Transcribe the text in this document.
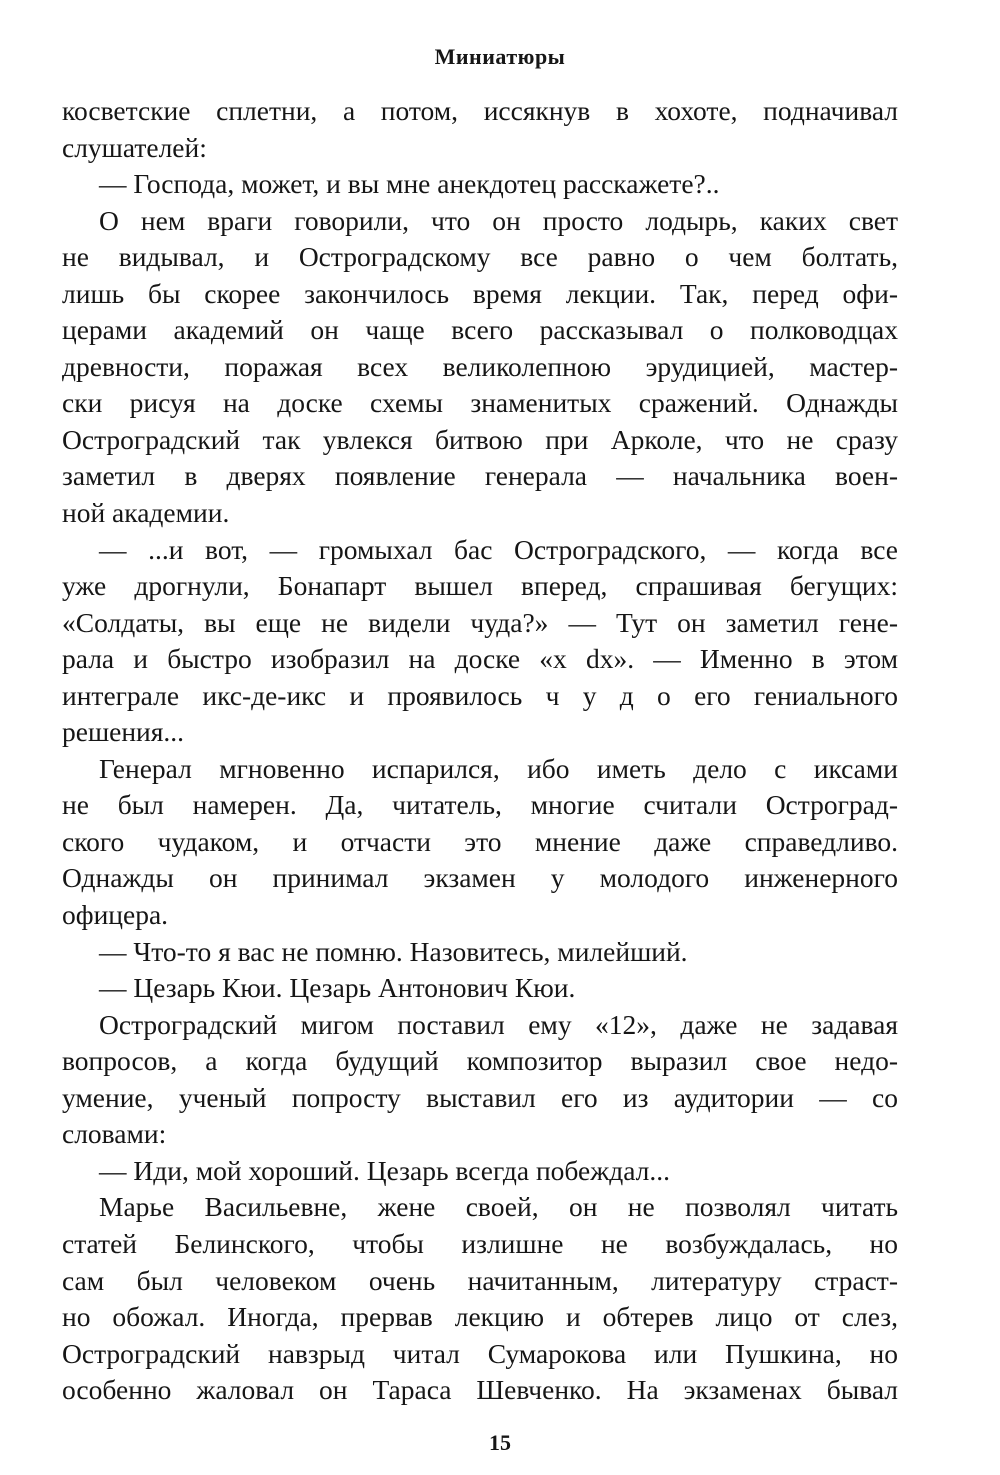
Миниатюры
косветские сплетни, а потом, иссякнув в хохоте, подначивал
слушателей:
— Господа, может, и вы мне анекдотец расскажете?..
О нем враги говорили, что он просто лодырь, каких свет
не видывал, и Остроградскому все равно о чем болтать,
лишь бы скорее закончилось время лекции. Так, перед офи-
церами академий он чаще всего рассказывал о полководцах
древности, поражая всех великолепною эрудицией, мастер-
ски рисуя на доске схемы знаменитых сражений. Однажды
Остроградский так увлекся битвою при Арколе, что не сразу
заметил в дверях появление генерала — начальника воен-
ной академии.
— ...и вот, — громыхал бас Остроградского, — когда все
уже дрогнули, Бонапарт вышел вперед, спрашивая бегущих:
«Солдаты, вы еще не видели чуда?» — Тут он заметил гене-
рала и быстро изобразил на доске «x dx». — Именно в этом
интеграле икс-де-икс и проявилось ч у д о его гениального
решения...
Генерал мгновенно испарился, ибо иметь дело с иксами
не был намерен. Да, читатель, многие считали Остроград-
ского чудаком, и отчасти это мнение даже справедливо.
Однажды он принимал экзамен у молодого инженерного
офицера.
— Что-то я вас не помню. Назовитесь, милейший.
— Цезарь Кюи. Цезарь Антонович Кюи.
Остроградский мигом поставил ему «12», даже не задавая
вопросов, а когда будущий композитор выразил свое недо-
умение, ученый попросту выставил его из аудитории — со
словами:
— Иди, мой хороший. Цезарь всегда побеждал...
Марье Васильевне, жене своей, он не позволял читать
статей Белинского, чтобы излишне не возбуждалась, но
сам был человеком очень начитанным, литературу страст-
но обожал. Иногда, прервав лекцию и обтерев лицо от слез,
Остроградский навзрыд читал Сумарокова или Пушкина, но
особенно жаловал он Тараса Шевченко. На экзаменах бывал
15
